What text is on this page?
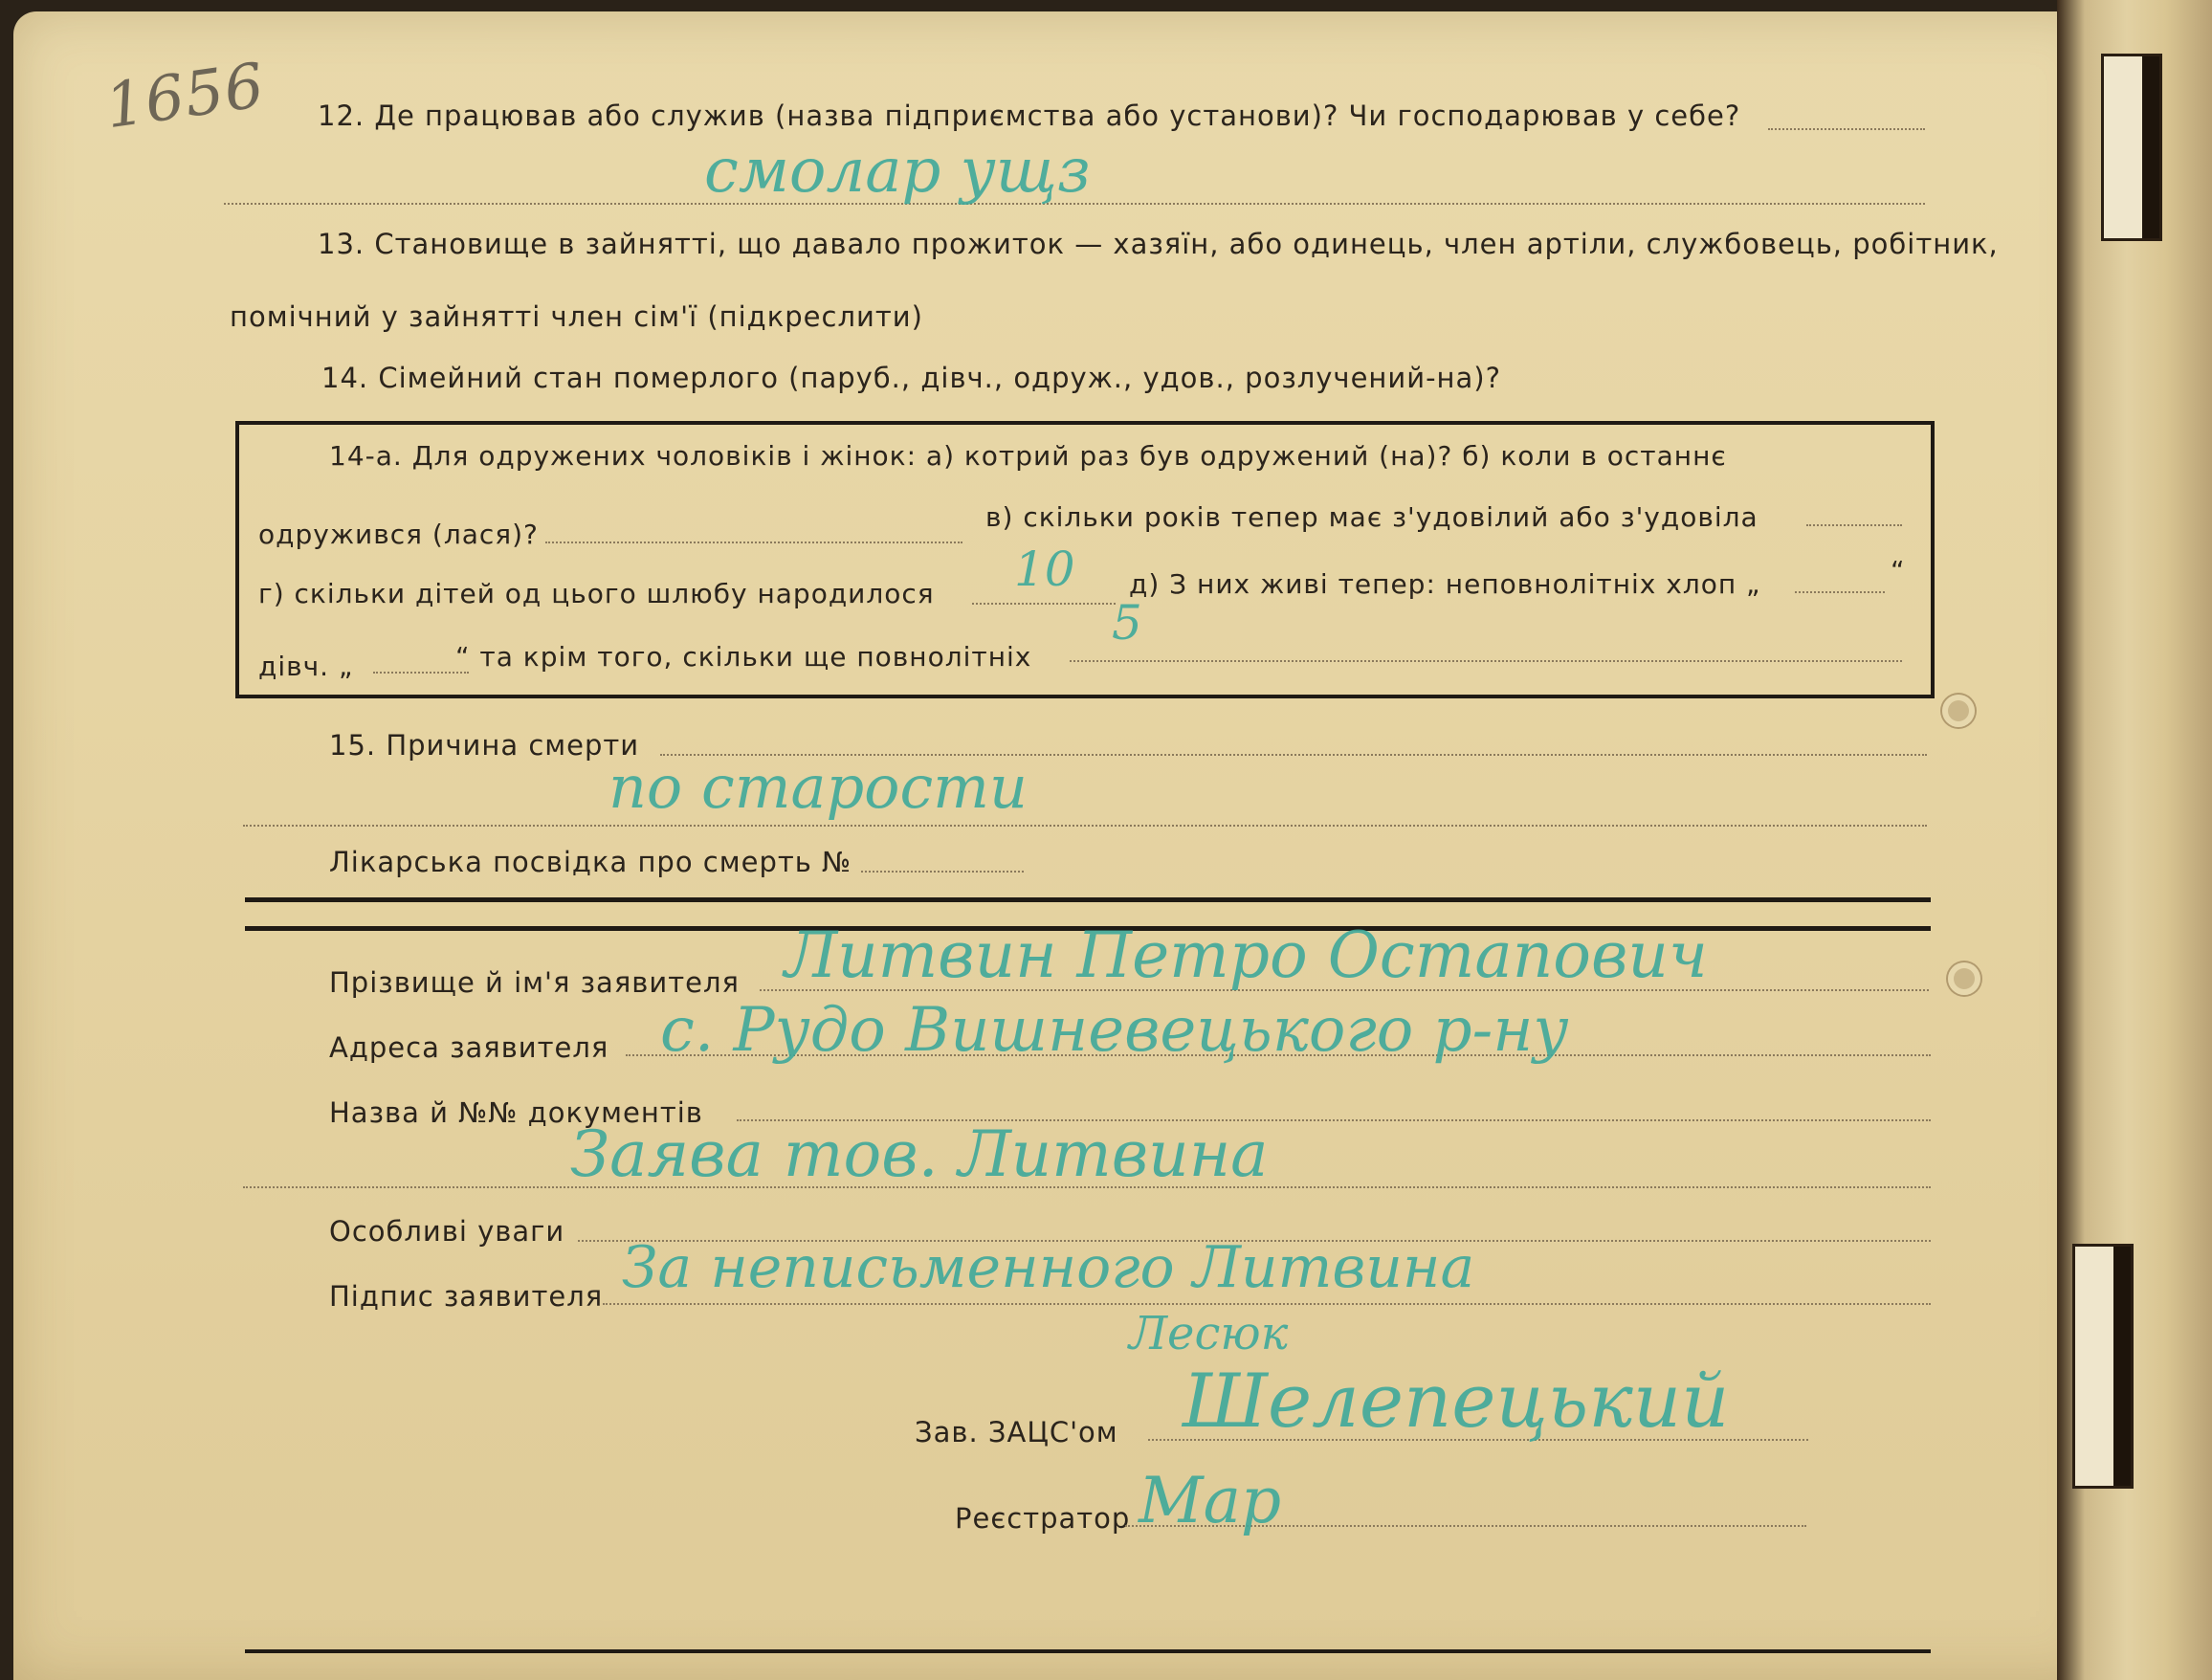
1656 12. Де працював або служив (назва підприємства або установи)? Чи господарював у себе?
смолар ущз
13. Становище в зайнятті, що давало прожиток — хазяїн, або одинець, член артіли, службовець, робітник,
помічний у зайнятті член сім'ї (підкреслити)
14. Сімейний стан померлого (паруб., дівч., одруж., удов., розлучений-на)?
14-а. Для одружених чоловіків і жінок: а) котрий раз був одружений (на)? б) коли в останнє
одружився (лася)?
в) скільки років тепер має з'удовілий або з'удовіла
г) скільки дітей од цього шлюбу народилося 10 д) З них живі тепер: неповнолітніх хлоп „	“
дівч. „	“ та крім того, скільки ще повнолітніх
5
15. Причина смерти
по старости
Лікарська посвідка про смерть №
Прізвище й ім'я заявителя Литвин Петро Остапович
Адреса заявителя с. Рудо Вишневецького р-ну
Назва й №№ документів
Заява тов. Литвина
Особливі уваги
Підпис заявителя За неписьменного Литвина
Лесюк
Зав. ЗАЦС'ом Шелепецький
Реєстратор Мар
